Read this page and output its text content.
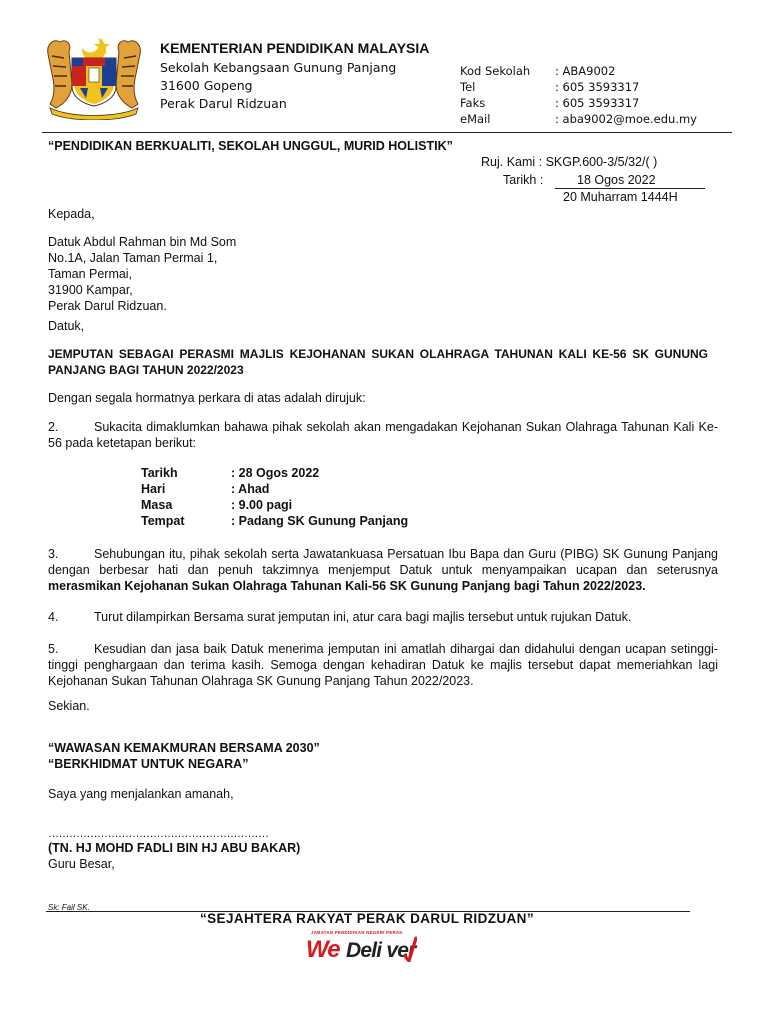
KEMENTERIAN PENDIDIKAN MALAYSIA
Sekolah Kebangsaan Gunung Panjang
31600 Gopeng
Perak Darul Ridzuan
Kod Sekolah	: ABA9002
Tel	: 605 3593317
Faks	: 605 3593317
eMail	: aba9002@moe.edu.my
“PENDIDIKAN BERKUALITI, SEKOLAH UNGGUL, MURID HOLISTIK”
Ruj. Kami : SKGP.600-3/5/32/( )
Tarikh :	18 Ogos 2022
20 Muharram 1444H
Kepada,
Datuk Abdul Rahman bin Md Som
No.1A, Jalan Taman Permai 1,
Taman Permai,
31900 Kampar,
Perak Darul Ridzuan.
Datuk,
JEMPUTAN SEBAGAI PERASMI MAJLIS KEJOHANAN SUKAN OLAHRAGA TAHUNAN KALI KE-56 SK GUNUNG PANJANG BAGI TAHUN 2022/2023
Dengan segala hormatnya perkara di atas adalah dirujuk:
2.	Sukacita dimaklumkan bahawa pihak sekolah akan mengadakan Kejohanan Sukan Olahraga Tahunan Kali Ke-56 pada ketetapan berikut:
Tarikh	: 28 Ogos 2022
Hari	: Ahad
Masa	: 9.00 pagi
Tempat	: Padang SK Gunung Panjang
3.	Sehubungan itu, pihak sekolah serta Jawatankuasa Persatuan Ibu Bapa dan Guru (PIBG) SK Gunung Panjang dengan berbesar hati dan penuh takzimnya menjemput Datuk untuk menyampaikan ucapan dan seterusnya merasmikan Kejohanan Sukan Olahraga Tahunan Kali-56 SK Gunung Panjang bagi Tahun 2022/2023.
4.	Turut dilampirkan Bersama surat jemputan ini, atur cara bagi majlis tersebut untuk rujukan Datuk.
5.	Kesudian dan jasa baik Datuk menerima jemputan ini amatlah dihargai dan didahului dengan ucapan setinggi-tinggi penghargaan dan terima kasih. Semoga dengan kehadiran Datuk ke majlis tersebut dapat memeriahkan lagi Kejohanan Sukan Tahunan Olahraga SK Gunung Panjang Tahun 2022/2023.
Sekian.
“WAWASAN KEMAKMURAN BERSAMA 2030”
“BERKHIDMAT UNTUK NEGARA”
Saya yang menjalankan amanah,
………………………………………………………
(TN. HJ MOHD FADLI BIN HJ ABU BAKAR)
Guru Besar,
Sk: Fail SK.
“SEJAHTERA RAKYAT PERAK DARUL RIDZUAN”
JABATAN PENDIDIKAN NEGERI PERAK
We Deli ver
